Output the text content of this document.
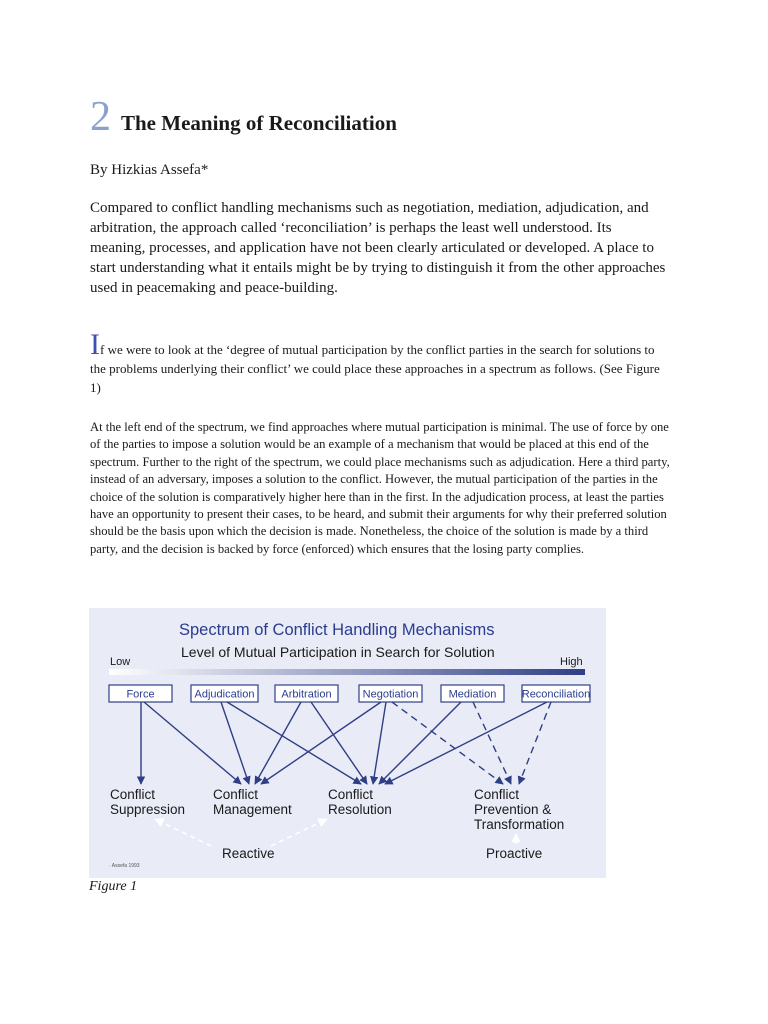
2 The Meaning of Reconciliation
By Hizkias Assefa*

Compared to conflict handling mechanisms such as negotiation, mediation, adjudication, and arbitration, the approach called ‘reconciliation’ is perhaps the least well understood. Its meaning, processes, and application have not been clearly articulated or developed. A place to start understanding what it entails might be by trying to distinguish it from the other approaches used in peacemaking and peace-building.

If we were to look at the ‘degree of mutual participation by the conflict parties in the search for solutions to the problems underlying their conflict’ we could place these approaches in a spectrum as follows. (See Figure 1)

At the left end of the spectrum, we find approaches where mutual participation is minimal. The use of force by one of the parties to impose a solution would be an example of a mechanism that would be placed at this end of the spectrum. Further to the right of the spectrum, we could place mechanisms such as adjudication. Here a third party, instead of an adversary, imposes a solution to the conflict. However, the mutual participation of the parties in the choice of the solution is comparatively higher here than in the first. In the adjudication process, at least the parties have an opportunity to present their cases, to be heard, and submit their arguments for why their preferred solution should be the basis upon which the decision is made. Nonetheless, the choice of the solution is made by a third party, and the decision is backed by force (enforced) which ensures that the losing party complies.

Spectrum of Conflict Handling Mechanisms
Level of Mutual Participation in Search for Solution
Low	High
Force	Adjudication Arbitration	Negotiation	Mediation Reconciliation
Conflict
Suppression
Conflict
Management
Conflict
Resolution
Conflict
Prevention &
Transformation
Reactive	Proactive
· Assefa 1993
Figure 1
